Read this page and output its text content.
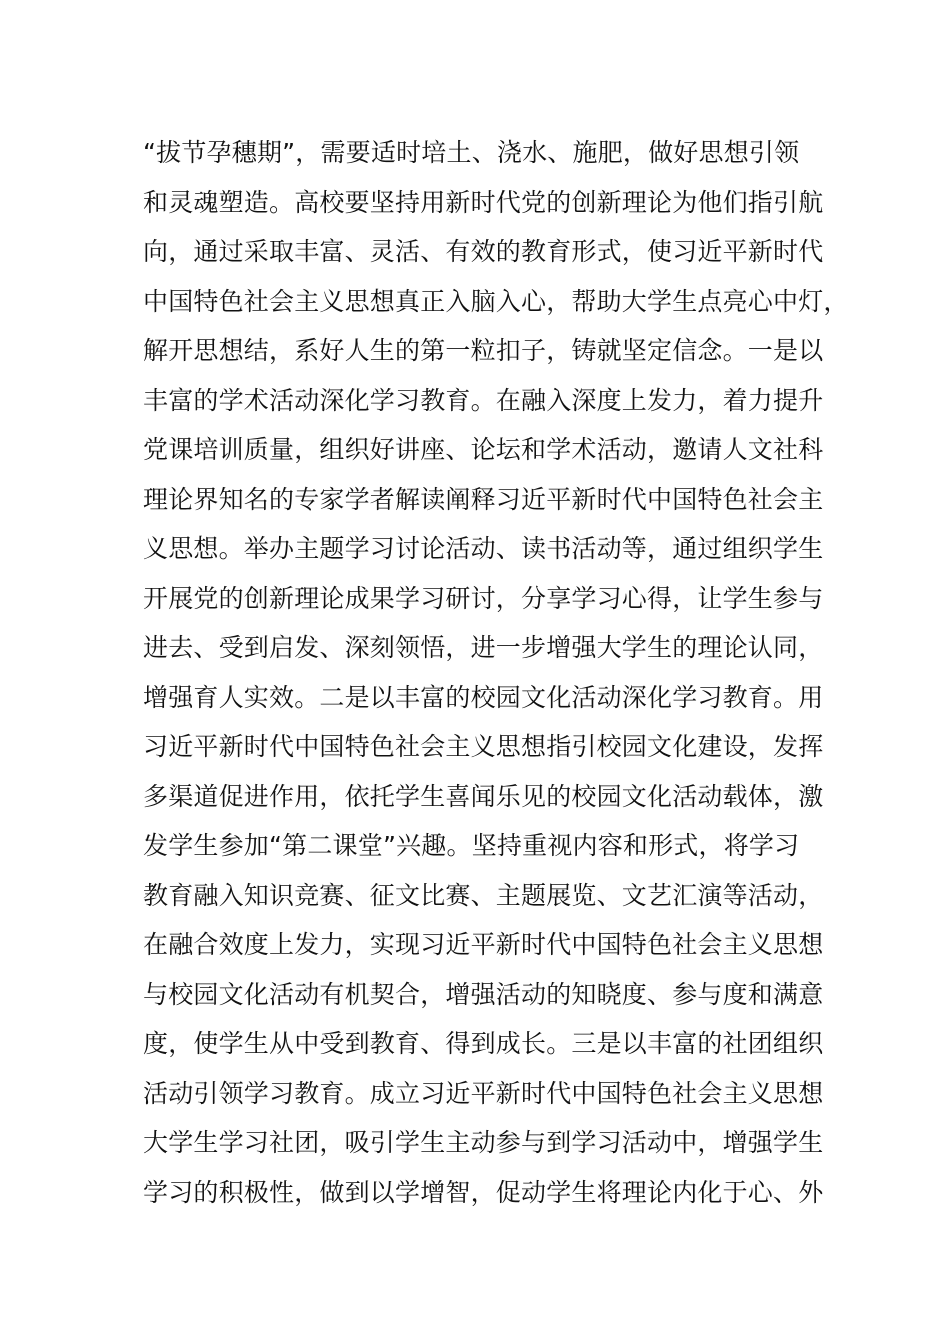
“拔节孕穗期”，需要适时培土、浇水、施肥，做好思想引领
和灵魂塑造。高校要坚持用新时代党的创新理论为他们指引航
向，通过采取丰富、灵活、有效的教育形式，使习近平新时代
中国特色社会主义思想真正入脑入心，帮助大学生点亮心中灯，
解开思想结，系好人生的第一粒扣子，铸就坚定信念。一是以
丰富的学术活动深化学习教育。在融入深度上发力，着力提升
党课培训质量，组织好讲座、论坛和学术活动，邀请人文社科
理论界知名的专家学者解读阐释习近平新时代中国特色社会主
义思想。举办主题学习讨论活动、读书活动等，通过组织学生
开展党的创新理论成果学习研讨，分享学习心得，让学生参与
进去、受到启发、深刻领悟，进一步增强大学生的理论认同，
增强育人实效。二是以丰富的校园文化活动深化学习教育。用
习近平新时代中国特色社会主义思想指引校园文化建设，发挥
多渠道促进作用，依托学生喜闻乐见的校园文化活动载体，激
发学生参加“第二课堂”兴趣。坚持重视内容和形式，将学习
教育融入知识竞赛、征文比赛、主题展览、文艺汇演等活动，
在融合效度上发力，实现习近平新时代中国特色社会主义思想
与校园文化活动有机契合，增强活动的知晓度、参与度和满意
度，使学生从中受到教育、得到成长。三是以丰富的社团组织
活动引领学习教育。成立习近平新时代中国特色社会主义思想
大学生学习社团，吸引学生主动参与到学习活动中，增强学生
学习的积极性，做到以学增智，促动学生将理论内化于心、外
